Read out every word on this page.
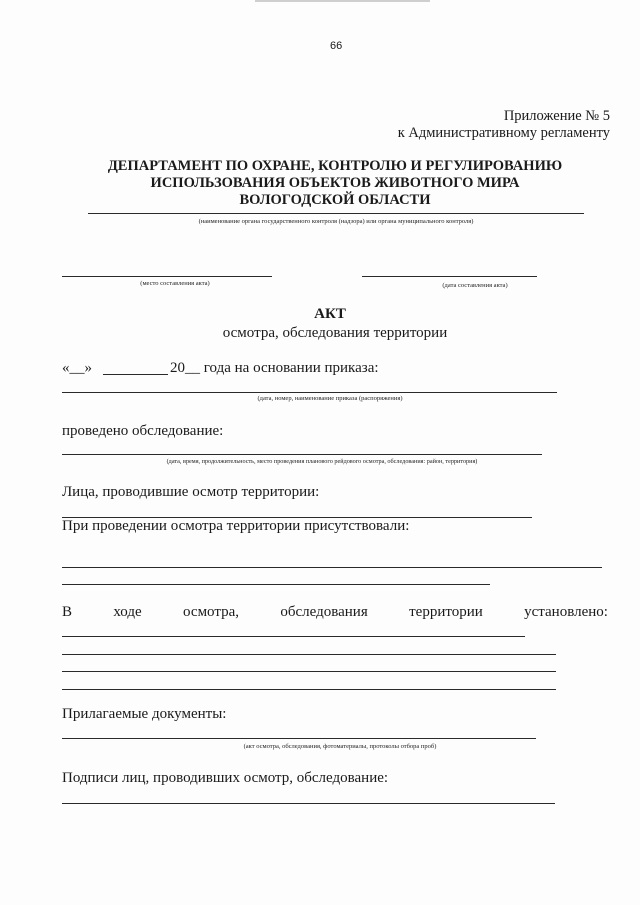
66
Приложение № 5
к Административному регламенту
ДЕПАРТАМЕНТ ПО ОХРАНЕ, КОНТРОЛЮ И РЕГУЛИРОВАНИЮ
ИСПОЛЬЗОВАНИЯ ОБЪЕКТОВ ЖИВОТНОГО МИРА
ВОЛОГОДСКОЙ ОБЛАСТИ
(наименование органа государственного контроля (надзора) или органа муниципального контроля)
(место составления акта)	(дата составления акта)
АКТ
осмотра, обследования территории
«__»	20__ года на основании приказа:
(дата, номер, наименование приказа (распоряжения)
проведено обследование:
(дата, время, продолжительность, место проведения планового рейдового осмотра, обследования: район, территория)
Лица, проводившие осмотр территории:
При проведении осмотра территории присутствовали:
В	ходе	осмотра,	обследования	территории	установлено:
Прилагаемые документы:
(акт осмотра, обследования, фотоматериалы, протоколы отбора проб)
Подписи лиц, проводивших осмотр, обследование:
